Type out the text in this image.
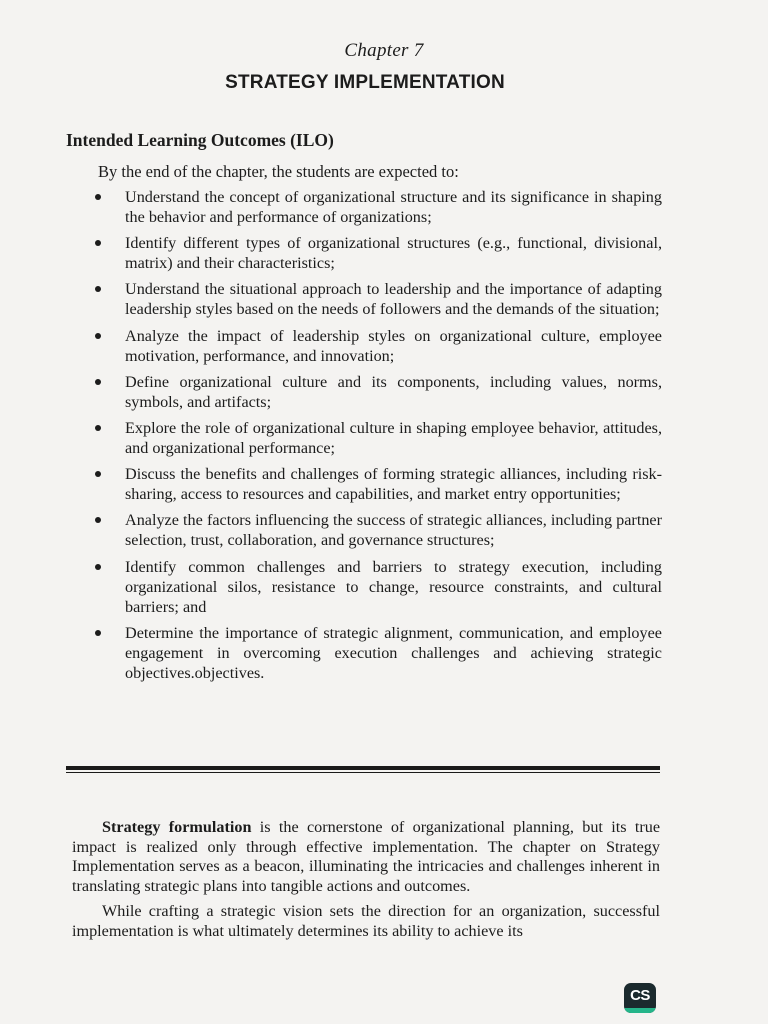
Chapter 7
STRATEGY IMPLEMENTATION
Intended Learning Outcomes (ILO)
By the end of the chapter, the students are expected to:
Understand the concept of organizational structure and its significance in shaping the behavior and performance of organizations;
Identify different types of organizational structures (e.g., functional, divisional, matrix) and their characteristics;
Understand the situational approach to leadership and the importance of adapting leadership styles based on the needs of followers and the demands of the situation;
Analyze the impact of leadership styles on organizational culture, employee motivation, performance, and innovation;
Define organizational culture and its components, including values, norms, symbols, and artifacts;
Explore the role of organizational culture in shaping employee behavior, attitudes, and organizational performance;
Discuss the benefits and challenges of forming strategic alliances, including risk-sharing, access to resources and capabilities, and market entry opportunities;
Analyze the factors influencing the success of strategic alliances, including partner selection, trust, collaboration, and governance structures;
Identify common challenges and barriers to strategy execution, including organizational silos, resistance to change, resource constraints, and cultural barriers; and
Determine the importance of strategic alignment, communication, and employee engagement in overcoming execution challenges and achieving strategic objectives.objectives.

Strategy formulation is the cornerstone of organizational planning, but its true impact is realized only through effective implementation. The chapter on Strategy Implementation serves as a beacon, illuminating the intricacies and challenges inherent in translating strategic plans into tangible actions and outcomes.

While crafting a strategic vision sets the direction for an organization, successful implementation is what ultimately determines its ability to achieve its

CS
